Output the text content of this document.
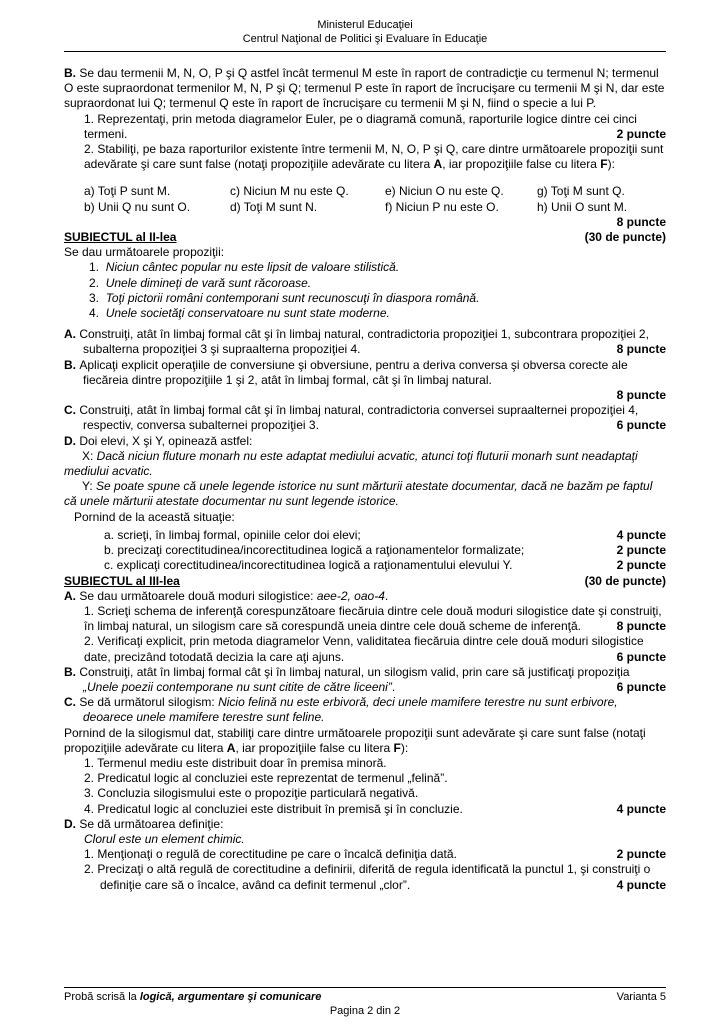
Ministerul Educaţiei
Centrul Naţional de Politici şi Evaluare în Educaţie
B. Se dau termenii M, N, O, P şi Q astfel încât termenul M este în raport de contradicţie cu termenul N; termenul O este supraordonat termenilor M, N, P şi Q; termenul P este în raport de încrucişare cu termenii M şi N, dar este supraordonat lui Q; termenul Q este în raport de încrucişare cu termenii M şi N, fiind o specie a lui P.
1. Reprezentaţi, prin metoda diagramelor Euler, pe o diagramă comună, raporturile logice dintre cei cinci termeni.	2 puncte
2. Stabiliţi, pe baza raporturilor existente între termenii M, N, O, P şi Q, care dintre următoarele propoziţii sunt adevărate şi care sunt false (notaţi propoziţiile adevărate cu litera A, iar propoziţiile false cu litera F):
a) Toţi P sunt M.	c) Niciun M nu este Q.	e) Niciun O nu este Q.	g) Toţi M sunt Q.
b) Unii Q nu sunt O.	d) Toţi M sunt N.	f) Niciun P nu este O.	h) Unii O sunt M.
8 puncte
SUBIECTUL al II-lea	(30 de puncte)
Se dau următoarele propoziţii:
1.  Niciun cântec popular nu este lipsit de valoare stilistică.
2.  Unele dimineţi de vară sunt răcoroase.
3.  Toţi pictorii români contemporani sunt recunoscuţi în diaspora română.
4.  Unele societăţi conservatoare nu sunt state moderne.
A. Construiţi, atât în limbaj formal cât şi în limbaj natural, contradictoria propoziţiei 1, subcontrara propoziţiei 2, subalterna propoziţiei 3 şi supraalterna propoziţiei 4.	8 puncte
B. Aplicaţi explicit operaţiile de conversiune şi obversiune, pentru a deriva conversa şi obversa corecte ale fiecăreia dintre propoziţiile 1 şi 2, atât în limbaj formal, cât şi în limbaj natural.
8 puncte
C. Construiţi, atât în limbaj formal cât şi în limbaj natural, contradictoria conversei supraalternei propoziţiei 4, respectiv, conversa subalternei propoziţiei 3.	6 puncte
D. Doi elevi, X şi Y, opinează astfel:
X: Dacă niciun fluture monarh nu este adaptat mediului acvatic, atunci toţi fluturii monarh sunt neadaptaţi mediului acvatic.
Y: Se poate spune că unele legende istorice nu sunt mărturii atestate documentar, dacă ne bazăm pe faptul că unele mărturii atestate documentar nu sunt legende istorice.
Pornind de la această situaţie:
a. scrieţi, în limbaj formal, opiniile celor doi elevi;	4 puncte
b. precizaţi corectitudinea/incorectitudinea logică a raţionamentelor formalizate;	2 puncte
c. explicaţi corectitudinea/incorectitudinea logică a raţionamentului elevului Y.	2 puncte
SUBIECTUL al III-lea	(30 de puncte)
A. Se dau următoarele două moduri silogistice: aee-2, oao-4.
1. Scrieţi schema de inferenţă corespunzătoare fiecăruia dintre cele două moduri silogistice date şi construiţi, în limbaj natural, un silogism care să corespundă uneia dintre cele două scheme de inferenţă.	8 puncte
2. Verificaţi explicit, prin metoda diagramelor Venn, validitatea fiecăruia dintre cele două moduri silogistice date, precizând totodată decizia la care aţi ajuns.	6 puncte
B. Construiţi, atât în limbaj formal cât şi în limbaj natural, un silogism valid, prin care să justificaţi propoziţia „Unele poezii contemporane nu sunt citite de către liceeni”.	6 puncte
C. Se dă următorul silogism: Nicio felină nu este erbivoră, deci unele mamifere terestre nu sunt erbivore, deoarece unele mamifere terestre sunt feline.
Pornind de la silogismul dat, stabiliţi care dintre următoarele propoziţii sunt adevărate şi care sunt false (notaţi propoziţiile adevărate cu litera A, iar propoziţiile false cu litera F):
1. Termenul mediu este distribuit doar în premisa minoră.
2. Predicatul logic al concluziei este reprezentat de termenul „felină”.
3. Concluzia silogismului este o propoziţie particulară negativă.
4. Predicatul logic al concluziei este distribuit în premisă şi în concluzie.	4 puncte
D. Se dă următoarea definiţie:
Clorul este un element chimic.
1. Menţionaţi o regulă de corectitudine pe care o încalcă definiţia dată.	2 puncte
2. Precizaţi o altă regulă de corectitudine a definirii, diferită de regula identificată la punctul 1, şi construiţi o definiţie care să o încalce, având ca definit termenul „clor”.	4 puncte
Probă scrisă la logică, argumentare şi comunicare	Varianta 5
Pagina 2 din 2
